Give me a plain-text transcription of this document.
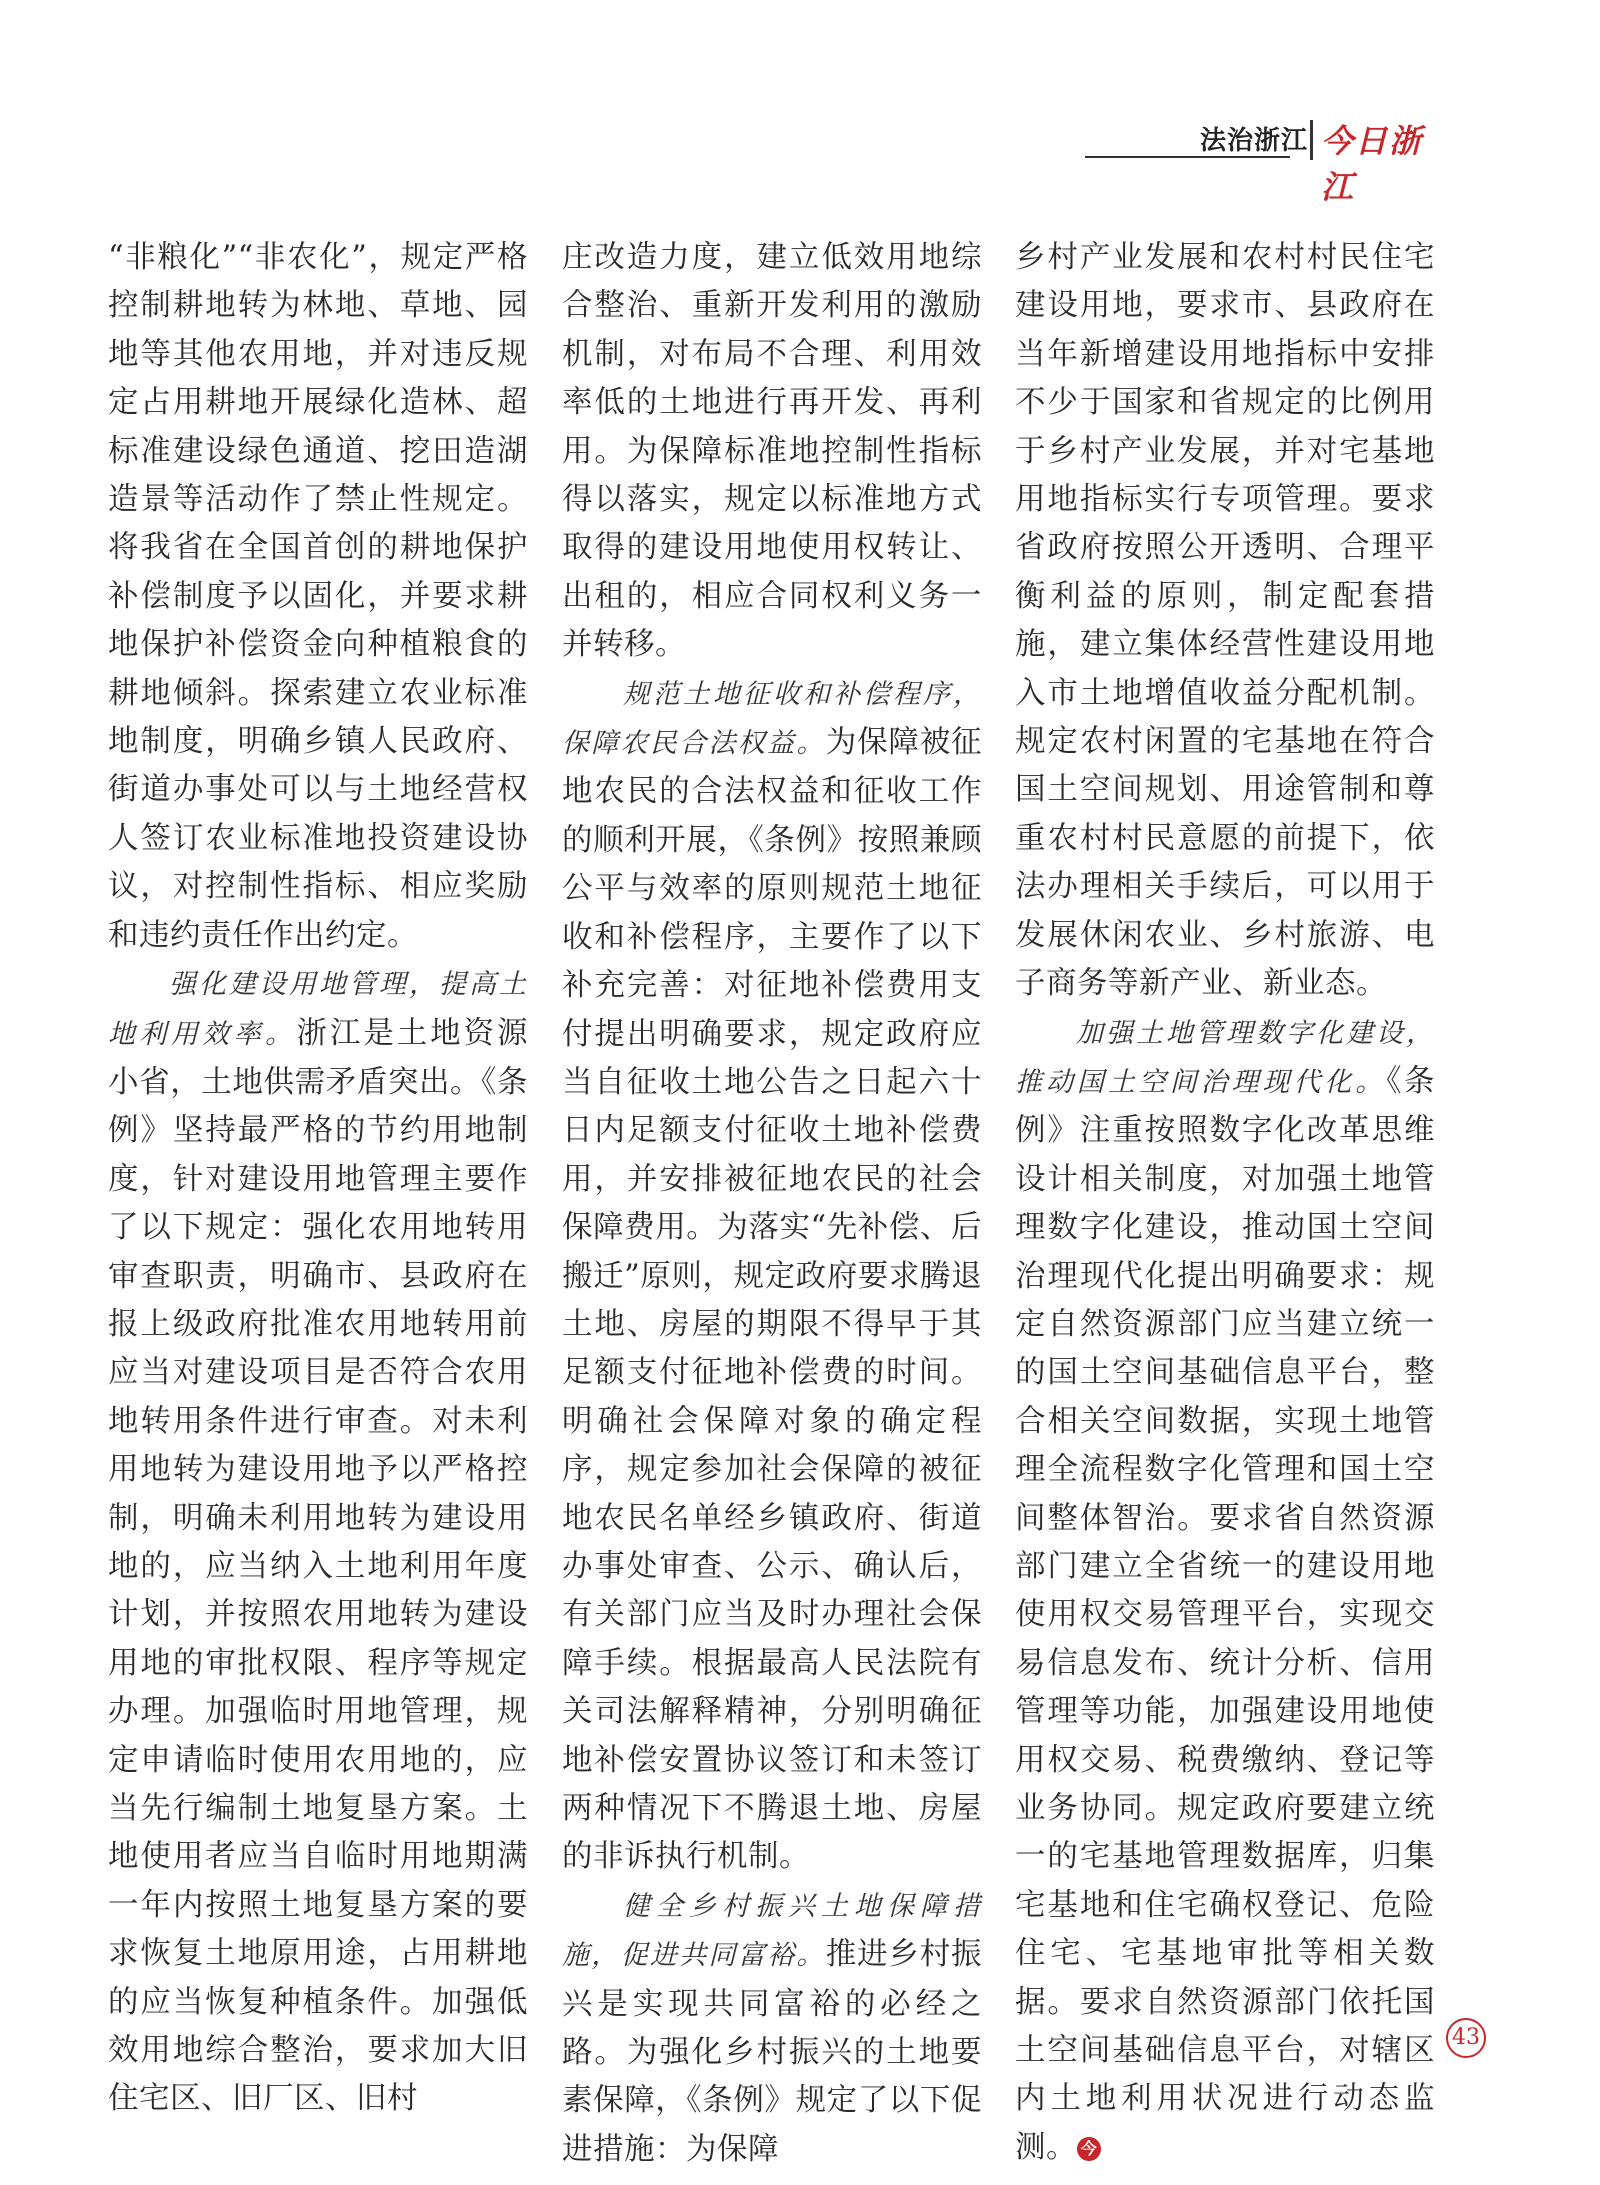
法治浙江 今日浙江

“非粮化”“非农化”，规定严格控制耕地转为林地、草地、园地等其他农用地，并对违反规定占用耕地开展绿化造林、超标准建设绿色通道、挖田造湖造景等活动作了禁止性规定。将我省在全国首创的耕地保护补偿制度予以固化，并要求耕地保护补偿资金向种植粮食的耕地倾斜。探索建立农业标准地制度，明确乡镇人民政府、街道办事处可以与土地经营权人签订农业标准地投资建设协议，对控制性指标、相应奖励和违约责任作出约定。

强化建设用地管理，提高土地利用效率。浙江是土地资源小省，土地供需矛盾突出。《条例》坚持最严格的节约用地制度，针对建设用地管理主要作了以下规定：强化农用地转用审查职责，明确市、县政府在报上级政府批准农用地转用前应当对建设项目是否符合农用地转用条件进行审查。对未利用地转为建设用地予以严格控制，明确未利用地转为建设用地的，应当纳入土地利用年度计划，并按照农用地转为建设用地的审批权限、程序等规定办理。加强临时用地管理，规定申请临时使用农用地的，应当先行编制土地复垦方案。土地使用者应当自临时用地期满一年内按照土地复垦方案的要求恢复土地原用途，占用耕地的应当恢复种植条件。加强低效用地综合整治，要求加大旧住宅区、旧厂区、旧村

庄改造力度，建立低效用地综合整治、重新开发利用的激励机制，对布局不合理、利用效率低的土地进行再开发、再利用。为保障标准地控制性指标得以落实，规定以标准地方式取得的建设用地使用权转让、出租的，相应合同权利义务一并转移。

规范土地征收和补偿程序，保障农民合法权益。为保障被征地农民的合法权益和征收工作的顺利开展，《条例》按照兼顾公平与效率的原则规范土地征收和补偿程序，主要作了以下补充完善：对征地补偿费用支付提出明确要求，规定政府应当自征收土地公告之日起六十日内足额支付征收土地补偿费用，并安排被征地农民的社会保障费用。为落实“先补偿、后搬迁”原则，规定政府要求腾退土地、房屋的期限不得早于其足额支付征地补偿费的时间。明确社会保障对象的确定程序，规定参加社会保障的被征地农民名单经乡镇政府、街道办事处审查、公示、确认后，有关部门应当及时办理社会保障手续。根据最高人民法院有关司法解释精神，分别明确征地补偿安置协议签订和未签订两种情况下不腾退土地、房屋的非诉执行机制。

健全乡村振兴土地保障措施，促进共同富裕。推进乡村振兴是实现共同富裕的必经之路。为强化乡村振兴的土地要素保障，《条例》规定了以下促进措施：为保障

乡村产业发展和农村村民住宅建设用地，要求市、县政府在当年新增建设用地指标中安排不少于国家和省规定的比例用于乡村产业发展，并对宅基地用地指标实行专项管理。要求省政府按照公开透明、合理平衡利益的原则，制定配套措施，建立集体经营性建设用地入市土地增值收益分配机制。规定农村闲置的宅基地在符合国土空间规划、用途管制和尊重农村村民意愿的前提下，依法办理相关手续后，可以用于发展休闲农业、乡村旅游、电子商务等新产业、新业态。

加强土地管理数字化建设，推动国土空间治理现代化。《条例》注重按照数字化改革思维设计相关制度，对加强土地管理数字化建设，推动国土空间治理现代化提出明确要求：规定自然资源部门应当建立统一的国土空间基础信息平台，整合相关空间数据，实现土地管理全流程数字化管理和国土空间整体智治。要求省自然资源部门建立全省统一的建设用地使用权交易管理平台，实现交易信息发布、统计分析、信用管理等功能，加强建设用地使用权交易、税费缴纳、登记等业务协同。规定政府要建立统一的宅基地管理数据库，归集宅基地和住宅确权登记、危险住宅、宅基地审批等相关数据。要求自然资源部门依托国土空间基础信息平台，对辖区内土地利用状况进行动态监测。 今

43
